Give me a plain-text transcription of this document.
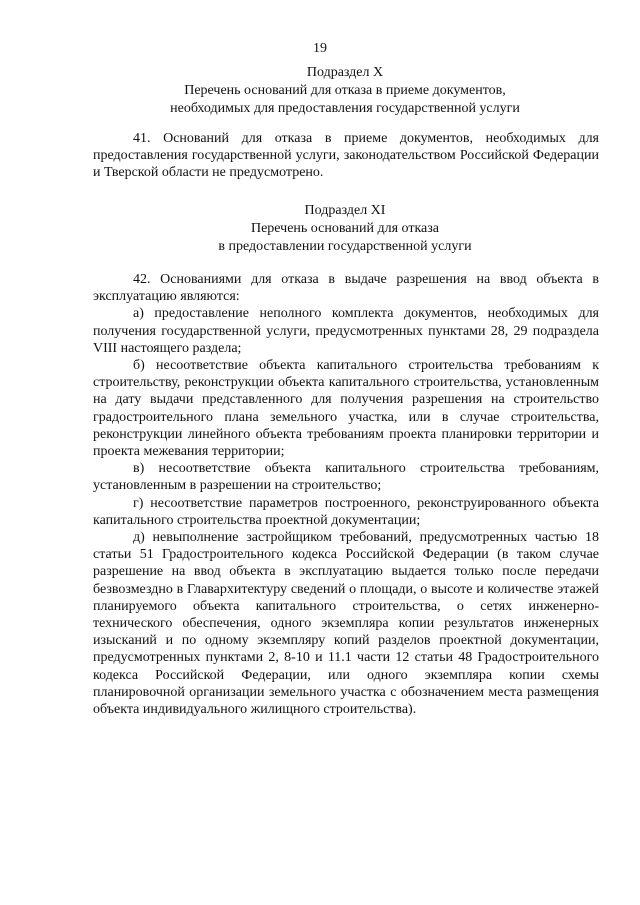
19
Подраздел X
Перечень оснований для отказа в приеме документов,
необходимых для предоставления государственной услуги

41. Оснований для отказа в приеме документов, необходимых для предоставления государственной услуги, законодательством Российской Федерации и Тверской области не предусмотрено.

Подраздел XI
Перечень оснований для отказа
в предоставлении государственной услуги

42. Основаниями для отказа в выдаче разрешения на ввод объекта в эксплуатацию являются:

а) предоставление неполного комплекта документов, необходимых для получения государственной услуги, предусмотренных пунктами 28, 29 подраздела VIII настоящего раздела;

б) несоответствие объекта капитального строительства требованиям к строительству, реконструкции объекта капитального строительства, установленным на дату выдачи представленного для получения разрешения на строительство градостроительного плана земельного участка, или в случае строительства, реконструкции линейного объекта требованиям проекта планировки территории и проекта межевания территории;

в) несоответствие объекта капитального строительства требованиям, установленным в разрешении на строительство;

г) несоответствие параметров построенного, реконструированного объекта капитального строительства проектной документации;

д) невыполнение застройщиком требований, предусмотренных частью 18 статьи 51 Градостроительного кодекса Российской Федерации (в таком случае разрешение на ввод объекта в эксплуатацию выдается только после передачи безвозмездно в Главархитектуру сведений о площади, о высоте и количестве этажей планируемого объекта капитального строительства, о сетях инженерно-технического обеспечения, одного экземпляра копии результатов инженерных изысканий и по одному экземпляру копий разделов проектной документации, предусмотренных пунктами 2, 8-10 и 11.1 части 12 статьи 48 Градостроительного кодекса Российской Федерации, или одного экземпляра копии схемы планировочной организации земельного участка с обозначением места размещения объекта индивидуального жилищного строительства).
